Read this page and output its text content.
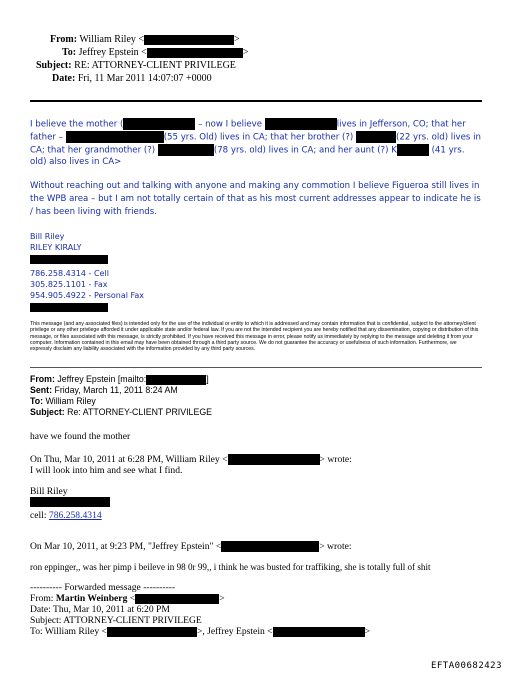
From: William Riley <	>
To: Jeffrey Epstein <	>
Subject: RE: ATTORNEY-CLIENT PRIVILEGE
Date: Fri, 11 Mar 2011 14:07:07 +0000
I believe the mother (	– now I believe	lives in Jefferson, CO; that her
father –	(55 yrs. Old) lives in CA; that her brother (?)	(22 yrs. old) lives in
CA; that her grandmother (?)	(78 yrs. old) lives in CA; and her aunt (?) K	(41 yrs.
old) also lives in CA>
Without reaching out and talking with anyone and making any commotion I believe Figueroa still lives in
the WPB area – but I am not totally certain of that as his most current addresses appear to indicate he is
/ has been living with friends.
Bill Riley
RILEY KIRALY
786.258.4314 - Cell
305.825.1101 - Fax
954.905.4922 - Personal Fax
This message (and any associated files) is intended only for the use of the individual or entity to which it is addressed and may contain information that is confidential, subject to the attorney/client privilege or any other privilege afforded it under applicable state and/or federal law. If you are not the intended recipient you are hereby notified that any dissemination, copying or distribution of this message, or files associated with this message, is strictly prohibited. If you have received this message in error, please notify us immediately by replying to the message and deleting it from your computer. Information contained in this email may have been obtained through a third party source. We do not guarantee the accuracy or usefulness of such information. Furthermore, we expressly disclaim any liability associated with the information provided by any third party sources.
From: Jeffrey Epstein [mailto:	]
Sent: Friday, March 11, 2011 8:24 AM
To: William Riley
Subject: Re: ATTORNEY-CLIENT PRIVILEGE
have we found the mother
On Thu, Mar 10, 2011 at 6:28 PM, William Riley <	> wrote:
I will look into him and see what I find.
Bill Riley
cell: 786.258.4314
On Mar 10, 2011, at 9:23 PM, "Jeffrey Epstein" <	> wrote:
ron eppinger,, was her pimp i beileve in 98 0r 99,, i think he was busted for traffiking, she is totally full of shit
---------- Forwarded message ----------
From: Martin Weinberg <	>
Date: Thu, Mar 10, 2011 at 6:20 PM
Subject: ATTORNEY-CLIENT PRIVILEGE
To: William Riley <	>, Jeffrey Epstein <	>
EFTA00682423
